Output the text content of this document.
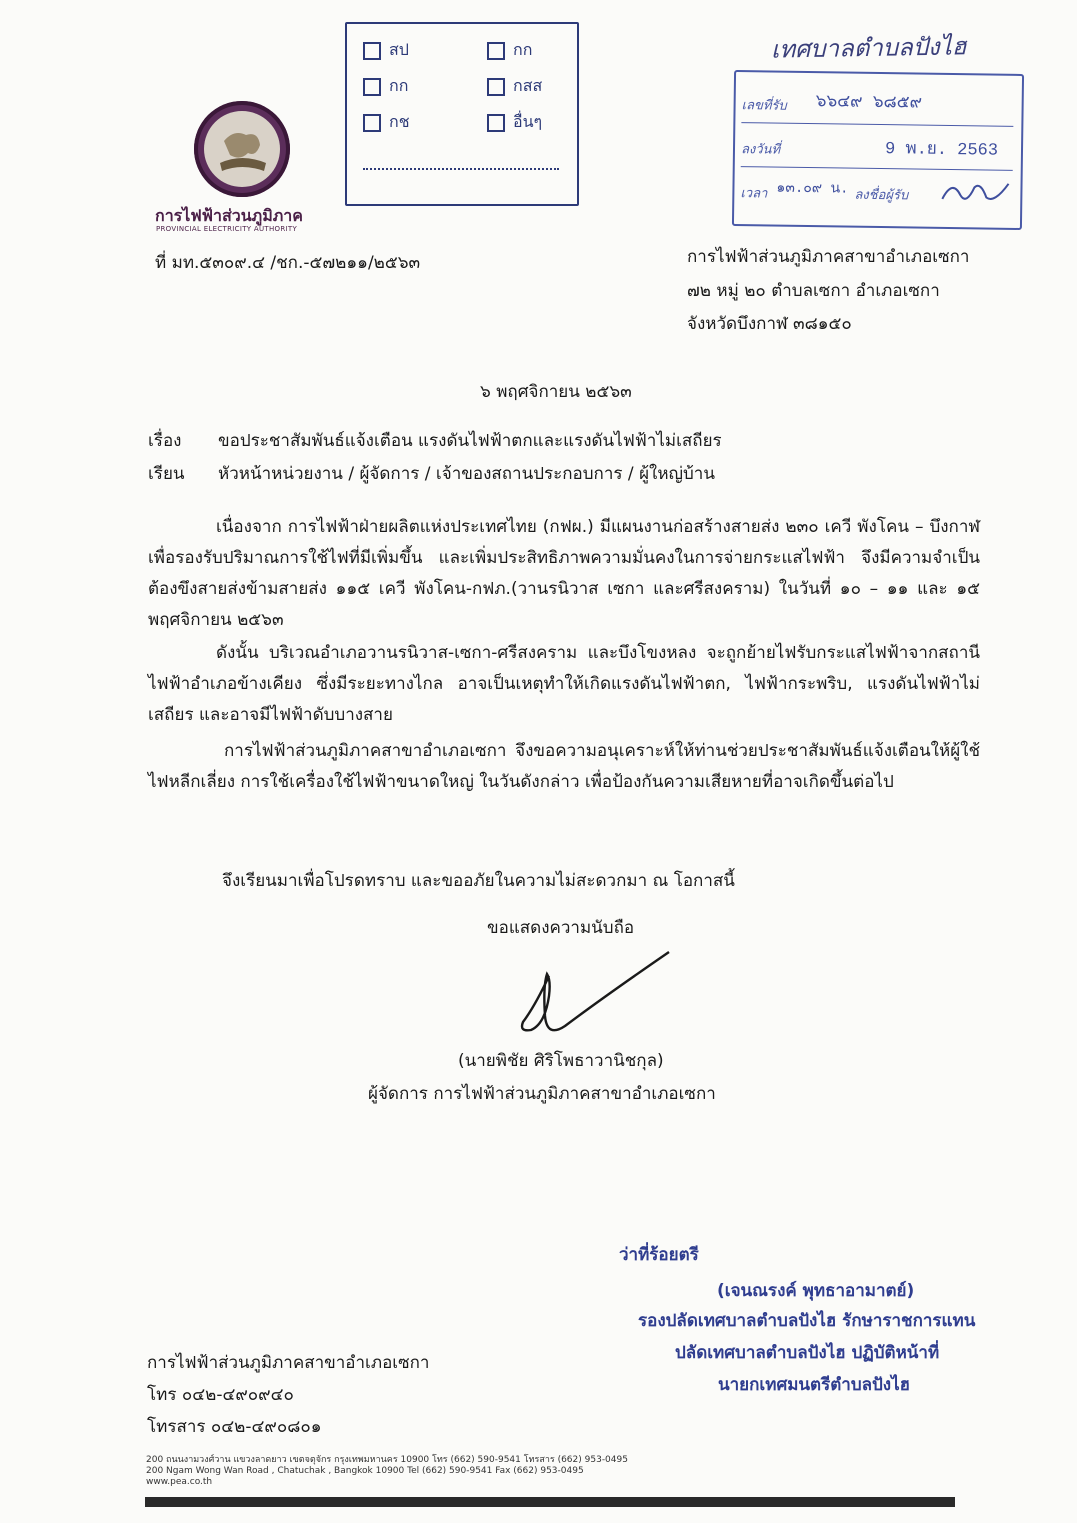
การไฟฟ้าส่วนภูมิภาค
PROVINCIAL ELECTRICITY AUTHORITY
ที่ มท.๕๓๐๙.๔ /ชก.-๕๗๒๑๑/๒๕๖๓
สป	กก
กก	กสส
กช	อื่นๆ
เทศบาลตำบลปังไฮ
เลขที่รับ ๖๖๔๙ ๖๘๕๙
ลงวันที่	9 พ.ย. 2563
เวลา ๑๓.๐๙ น. ลงชื่อผู้รับ
การไฟฟ้าส่วนภูมิภาคสาขาอำเภอเซกา
๗๒ หมู่ ๒๐ ตำบลเซกา อำเภอเซกา
จังหวัดบึงกาฬ ๓๘๑๕๐
๖ พฤศจิกายน ๒๕๖๓
เรื่อง ขอประชาสัมพันธ์แจ้งเตือน แรงดันไฟฟ้าตกและแรงดันไฟฟ้าไม่เสถียร
เรียน หัวหน้าหน่วยงาน / ผู้จัดการ / เจ้าของสถานประกอบการ / ผู้ใหญ่บ้าน
เนื่องจาก การไฟฟ้าฝ่ายผลิตแห่งประเทศไทย (กฟผ.) มีแผนงานก่อสร้างสายส่ง ๒๓๐ เควี พังโคน – บึงกาฬ เพื่อรองรับปริมาณการใช้ไฟที่มีเพิ่มขึ้น และเพิ่มประสิทธิภาพความมั่นคงในการจ่ายกระแสไฟฟ้า จึงมีความจำเป็นต้องขึงสายส่งข้ามสายส่ง ๑๑๕ เควี พังโคน-กฟภ.(วานรนิวาส เซกา และศรีสงคราม) ในวันที่ ๑๐ – ๑๑ และ ๑๕ พฤศจิกายน ๒๕๖๓
ดังนั้น บริเวณอำเภอวานรนิวาส-เซกา-ศรีสงคราม และบึงโขงหลง จะถูกย้ายไฟรับกระแสไฟฟ้าจากสถานีไฟฟ้าอำเภอข้างเคียง ซึ่งมีระยะทางไกล อาจเป็นเหตุทำให้เกิดแรงดันไฟฟ้าตก, ไฟฟ้ากระพริบ, แรงดันไฟฟ้าไม่เสถียร และอาจมีไฟฟ้าดับบางสาย
การไฟฟ้าส่วนภูมิภาคสาขาอำเภอเซกา จึงขอความอนุเคราะห์ให้ท่านช่วยประชาสัมพันธ์แจ้งเตือนให้ผู้ใช้ไฟหลีกเลี่ยง การใช้เครื่องใช้ไฟฟ้าขนาดใหญ่ ในวันดังกล่าว เพื่อป้องกันความเสียหายที่อาจเกิดขึ้นต่อไป
จึงเรียนมาเพื่อโปรดทราบ และขออภัยในความไม่สะดวกมา ณ โอกาสนี้
ขอแสดงความนับถือ
(นายพิชัย ศิริโพธาวานิชกุล)
ผู้จัดการ การไฟฟ้าส่วนภูมิภาคสาขาอำเภอเซกา
ว่าที่ร้อยตรี
(เจนณรงค์ พุทธาอามาตย์)
รองปลัดเทศบาลตำบลปังไฮ รักษาราชการแทน
ปลัดเทศบาลตำบลปังไฮ ปฏิบัติหน้าที่
นายกเทศมนตรีตำบลปังไฮ
การไฟฟ้าส่วนภูมิภาคสาขาอำเภอเซกา
โทร ๐๔๒-๔๙๐๙๔๐
โทรสาร ๐๔๒-๔๙๐๘๐๑
200 ถนนงามวงศ์วาน แขวงลาดยาว เขตจตุจักร กรุงเทพมหานคร 10900 โทร (662) 590-9541 โทรสาร (662) 953-0495
200 Ngam Wong Wan Road , Chatuchak , Bangkok 10900 Tel (662) 590-9541 Fax (662) 953-0495
www.pea.co.th
